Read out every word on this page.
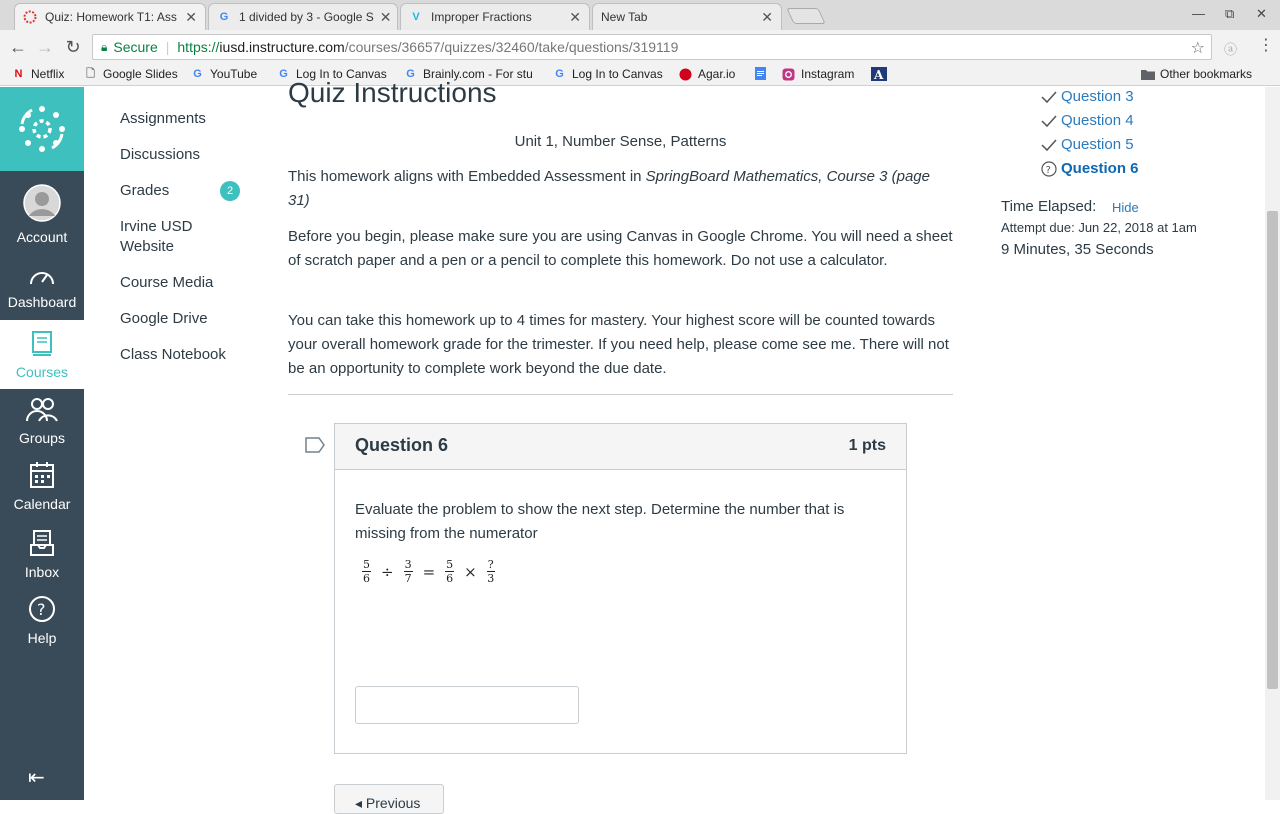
Quiz: Homework T1: Ass ✕ G 1 divided by 3 - Google S ✕	V Improper Fractions	✕ New Tab	✕	— ⧉ ✕
← → ↻ 🔒︎ Secure | https:// iusd.instructure.com /courses/36657/quizzes/32460/take/questions/319119	☆ ⓐ ⋮
N Netflix 🗋︎ Google Slides G YouTube G Log In to Canvas G Brainly.com - For stu G Log In to Canvas	Agar.io	Instagram A	Other bookmarks
Account
Dashboard
Courses
Groups
Calendar
Inbox
?
Help
⇤
Assignments
Discussions
Grades	2
Irvine USD Website
Course Media
Google Drive
Class Notebook
Quiz Instructions
Unit 1, Number Sense, Patterns
This homework aligns with Embedded Assessment in SpringBoard Mathematics, Course 3 (page 31)
Before you begin, please make sure you are using Canvas in Google Chrome. You will need a sheet of scratch paper and a pen or a pencil to complete this homework. Do not use a calculator.
You can take this homework up to 4 times for mastery. Your highest score will be counted towards your overall homework grade for the trimester. If you need help, please come see me. There will not be an opportunity to complete work beyond the due date.
Question 6	1 pts
Evaluate the problem to show the next step. Determine the number that is missing from the numerator
$\frac{5}{6} \div \frac{3}{7} = \frac{5}{6} \times \frac{?}{3}$
◂ Previous
Question 3
Question 4
Question 5
? Question 6
Time Elapsed: Hide
Attempt due: Jun 22, 2018 at 1am
9 Minutes, 35 Seconds
